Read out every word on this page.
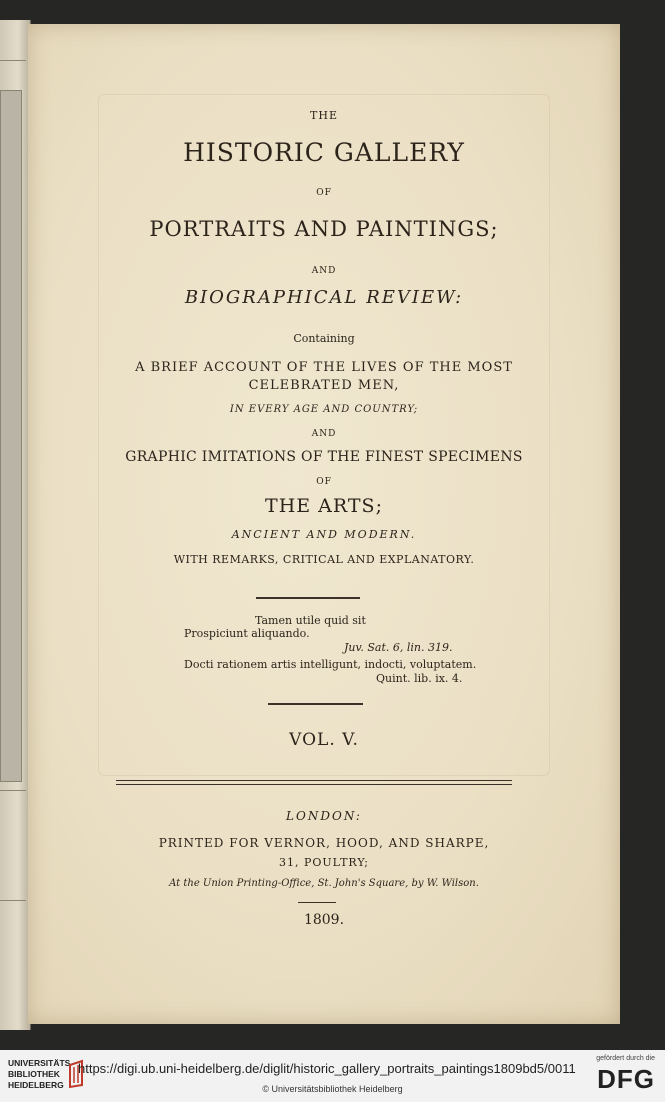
THE
HISTORIC GALLERY
OF
PORTRAITS AND PAINTINGS;
AND
BIOGRAPHICAL REVIEW:
Containing
A BRIEF ACCOUNT OF THE LIVES OF THE MOST
CELEBRATED MEN,
IN EVERY AGE AND COUNTRY;
AND
GRAPHIC IMITATIONS OF THE FINEST SPECIMENS
OF
THE ARTS;
ANCIENT AND MODERN.
WITH REMARKS, CRITICAL AND EXPLANATORY.
Tamen utile quid sit
Prospiciunt aliquando.
Juv. Sat. 6, lin. 319.
Docti rationem artis intelligunt, indocti, voluptatem.
Quint. lib. ix. 4.
VOL. V.
LONDON:
PRINTED FOR VERNOR, HOOD, AND SHARPE,
31, POULTRY;
At the Union Printing-Office, St. John's Square, by W. Wilson.
1809.
UNIVERSITÄTS-
BIBLIOTHEK
HEIDELBERG
https://digi.ub.uni-heidelberg.de/diglit/historic_gallery_portraits_paintings1809bd5/0011
© Universitätsbibliothek Heidelberg
gefördert durch die
DFG
